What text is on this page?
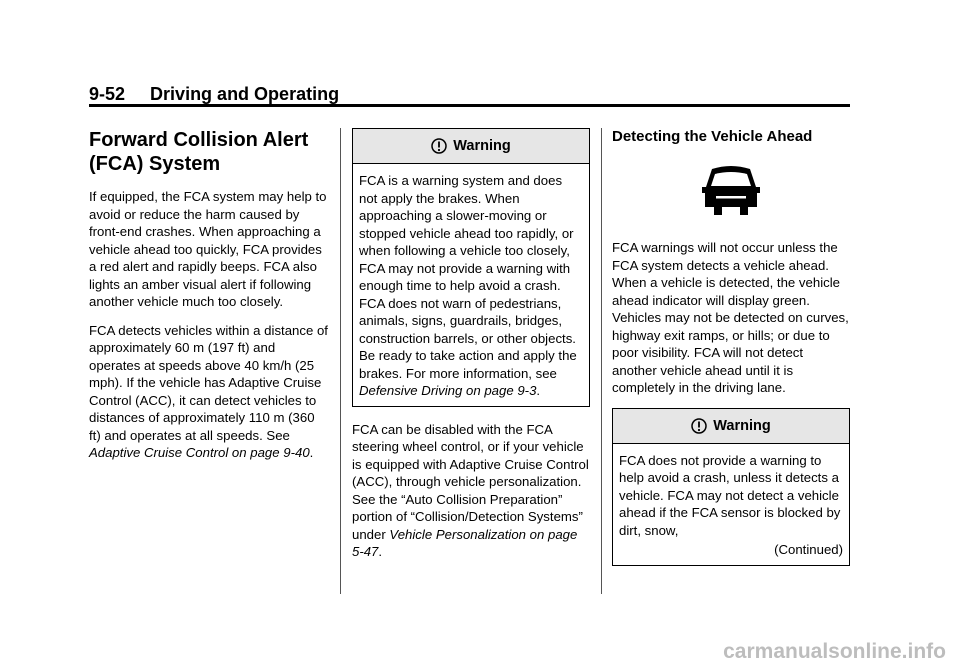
9-52 Driving and Operating
Forward Collision Alert (FCA) System

If equipped, the FCA system may help to avoid or reduce the harm caused by front-end crashes. When approaching a vehicle ahead too quickly, FCA provides a red alert and rapidly beeps. FCA also lights an amber visual alert if following another vehicle much too closely.

FCA detects vehicles within a distance of approximately 60 m (197 ft) and operates at speeds above 40 km/h (25 mph). If the vehicle has Adaptive Cruise Control (ACC), it can detect vehicles to distances of approximately 110 m (360 ft) and operates at all speeds. See Adaptive Cruise Control on page 9-40.

Warning
FCA is a warning system and does not apply the brakes. When approaching a slower-moving or stopped vehicle ahead too rapidly, or when following a vehicle too closely, FCA may not provide a warning with enough time to help avoid a crash. FCA does not warn of pedestrians, animals, signs, guardrails, bridges, construction barrels, or other objects. Be ready to take action and apply the brakes. For more information, see Defensive Driving on page 9-3.

FCA can be disabled with the FCA steering wheel control, or if your vehicle is equipped with Adaptive Cruise Control (ACC), through vehicle personalization. See the “Auto Collision Preparation” portion of “Collision/Detection Systems” under Vehicle Personalization on page 5-47.

Detecting the Vehicle Ahead

FCA warnings will not occur unless the FCA system detects a vehicle ahead. When a vehicle is detected, the vehicle ahead indicator will display green. Vehicles may not be detected on curves, highway exit ramps, or hills; or due to poor visibility. FCA will not detect another vehicle ahead until it is completely in the driving lane.

Warning
FCA does not provide a warning to help avoid a crash, unless it detects a vehicle. FCA may not detect a vehicle ahead if the FCA sensor is blocked by dirt, snow,
(Continued)
carmanualsonline.info
